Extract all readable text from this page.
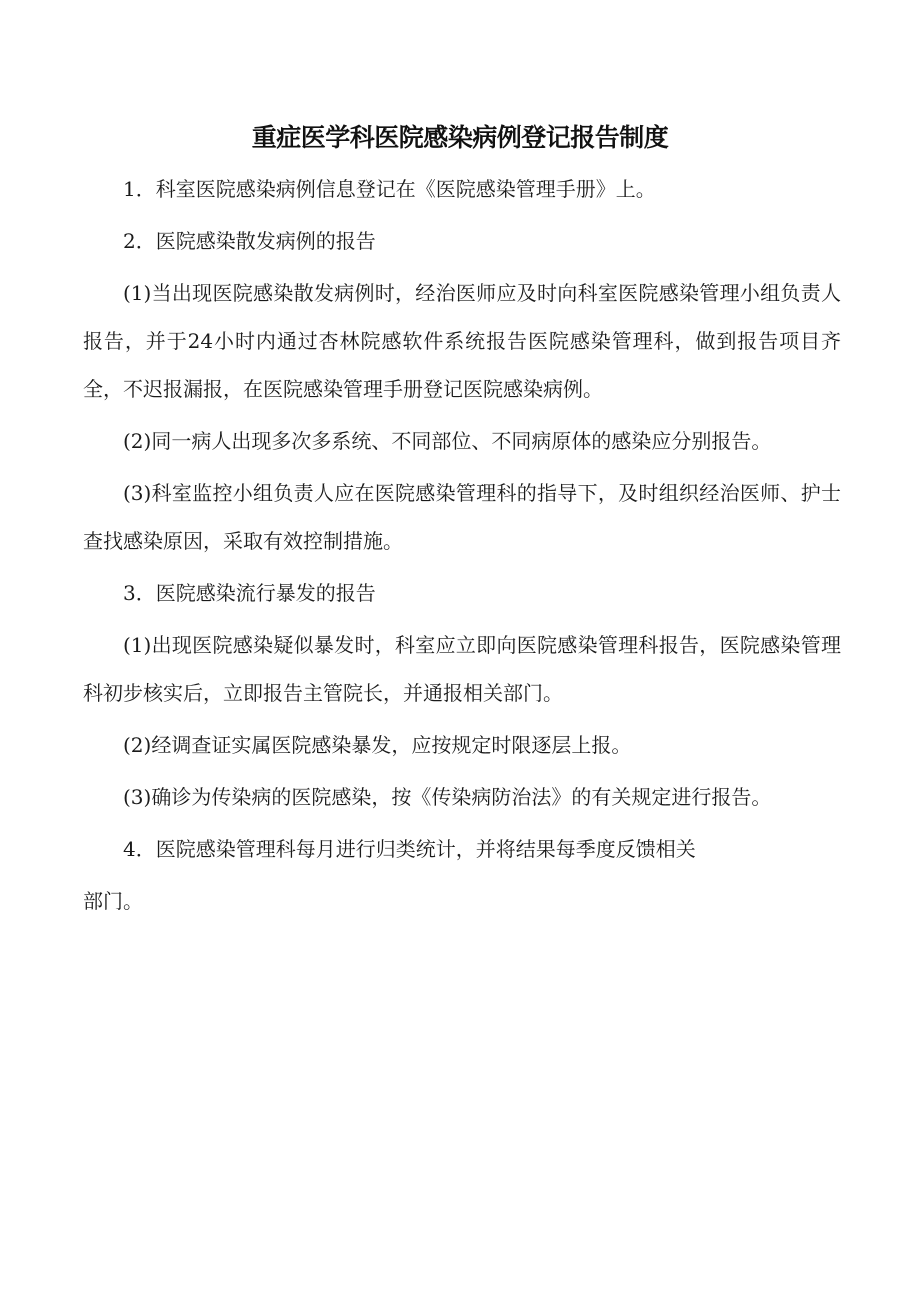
重症医学科医院感染病例登记报告制度

1．科室医院感染病例信息登记在《医院感染管理手册》上。

2．医院感染散发病例的报告

(1)当出现医院感染散发病例时，经治医师应及时向科室医院感染管理小组负责人报告，并于24小时内通过杏林院感软件系统报告医院感染管理科，做到报告项目齐全，不迟报漏报，在医院感染管理手册登记医院感染病例。

(2)同一病人出现多次多系统、不同部位、不同病原体的感染应分别报告。

(3)科室监控小组负责人应在医院感染管理科的指导下，及时组织经治医师、护士查找感染原因，采取有效控制措施。

3．医院感染流行暴发的报告

(1)出现医院感染疑似暴发时，科室应立即向医院感染管理科报告，医院感染管理科初步核实后，立即报告主管院长，并通报相关部门。

(2)经调查证实属医院感染暴发，应按规定时限逐层上报。

(3)确诊为传染病的医院感染，按《传染病防治法》的有关规定进行报告。

4．医院感染管理科每月进行归类统计，并将结果每季度反馈相关
部门。
